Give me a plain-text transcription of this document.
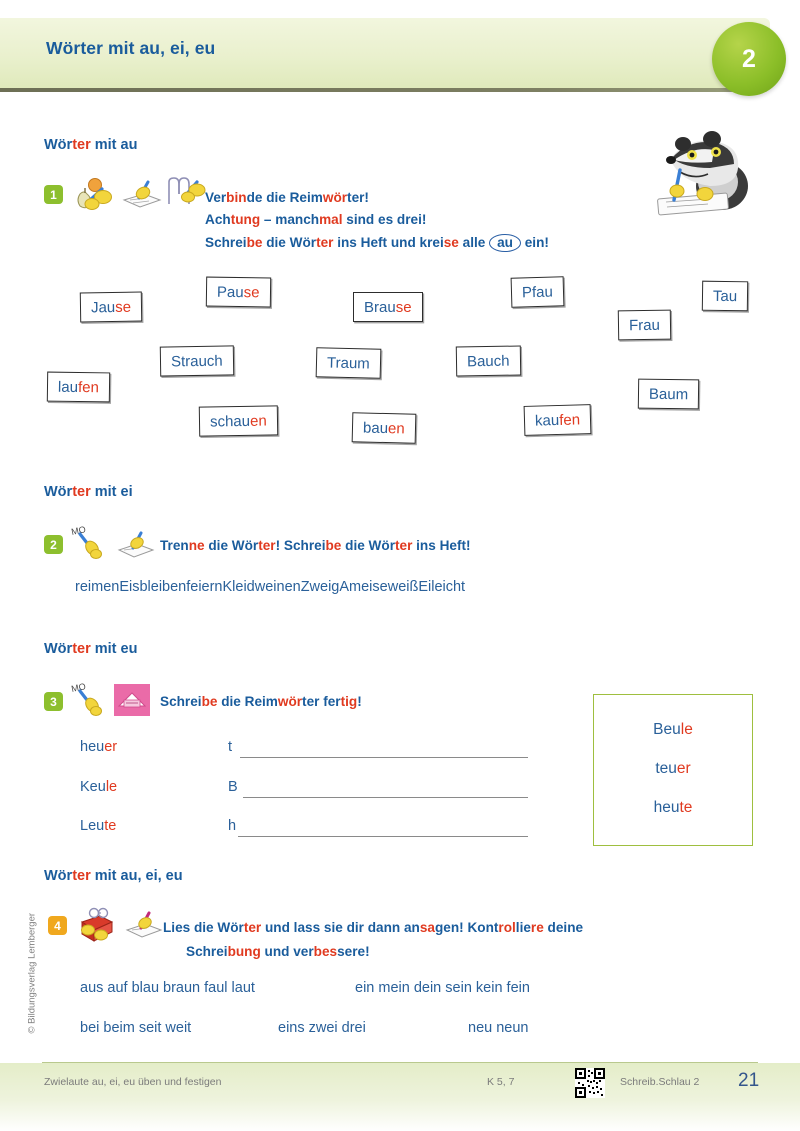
Wörter mit au, ei, eu	2
Wörter mit au
1	Verbinde die Reimwörter!
Achtung – manchmal sind es drei!
Schreibe die Wörter ins Heft und kreise alle au ein!
Jause
Pause
Brause
Pfau	Tau
Frau
laufen
Strauch	Traum	Bauch
Baum
schauen	bauen	kaufen
Wörter mit ei
2
MO
Trenne die Wörter! Schreibe die Wörter ins Heft!
reimenEisbleibenfeiernKleidweinenZweigAmeiseweißEileicht
Wörter mit eu
3
MO
Schreibe die Reimwörter fertig!
heuer	t
Keule	B
Leute	h
Beule
teuer
heute
Wörter mit au, ei, eu
4	Lies die Wörter und lass sie dir dann ansagen! Kontrolliere deine
Schreibung und verbessere!
aus auf blau braun faul laut	ein mein dein sein kein fein
bei beim seit weit	eins zwei drei	neu neun
© Bildungsverlag Lemberger
Zwielaute au, ei, eu üben und festigen	K 5, 7	Schreib.Schlau 2 21
